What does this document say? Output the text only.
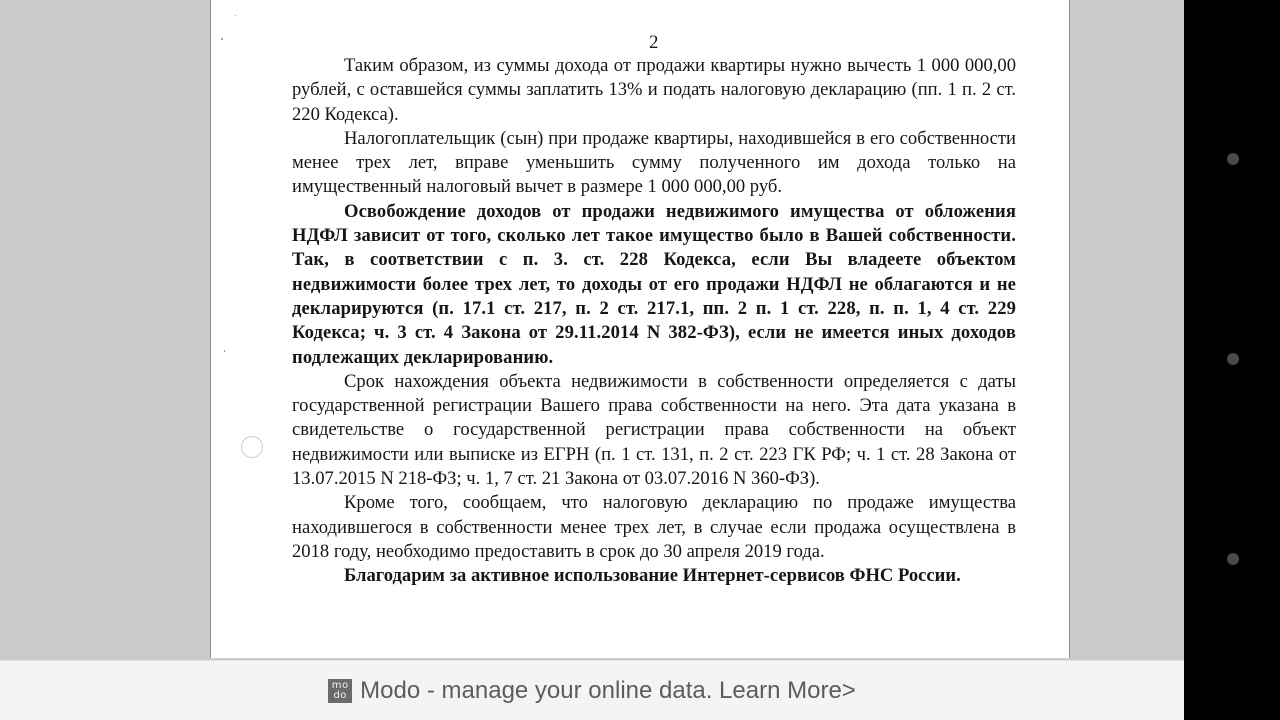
2

Таким образом, из суммы дохода от продажи квартиры нужно вычесть 1 000 000,00 рублей, с оставшейся суммы заплатить 13% и подать налоговую декларацию (пп. 1 п. 2 ст. 220 Кодекса).

Налогоплательщик (сын) при продаже квартиры, находившейся в его собственности менее трех лет, вправе уменьшить сумму полученного им дохода только на имущественный налоговый вычет в размере 1 000 000,00 руб.

Освобождение доходов от продажи недвижимого имущества от обложения НДФЛ зависит от того, сколько лет такое имущество было в Вашей собственности. Так, в соответствии с п. 3. ст. 228 Кодекса, если Вы владеете объектом недвижимости более трех лет, то доходы от его продажи НДФЛ не облагаются и не декларируются (п. 17.1 ст. 217, п. 2 ст. 217.1, пп. 2 п. 1 ст. 228, п. п. 1, 4 ст. 229 Кодекса; ч. 3 ст. 4 Закона от 29.11.2014 N 382-ФЗ), если не имеется иных доходов подлежащих декларированию.

Срок нахождения объекта недвижимости в собственности определяется с даты государственной регистрации Вашего права собственности на него. Эта дата указана в свидетельстве о государственной регистрации права собственности на объект недвижимости или выписке из ЕГРН (п. 1 ст. 131, п. 2 ст. 223 ГК РФ; ч. 1 ст. 28 Закона от 13.07.2015 N 218-ФЗ; ч. 1, 7 ст. 21 Закона от 03.07.2016 N 360-ФЗ).

Кроме того, сообщаем, что налоговую декларацию по продаже имущества находившегося в собственности менее трех лет, в случае если продажа осуществлена в 2018 году, необходимо предоставить в срок до 30 апреля 2019 года.

Благодарим за активное использование Интернет-сервисов ФНС России.

mo
do Modo - manage your online data. Learn More>
